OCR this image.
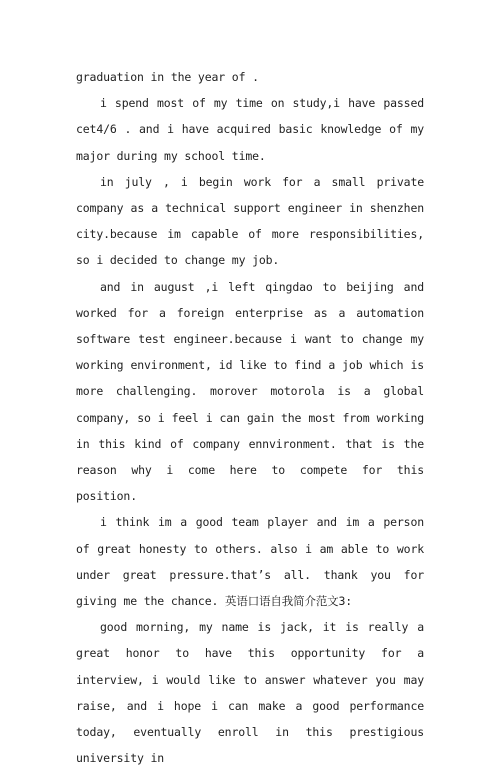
graduation in the year of .

i spend most of my time on study,i have passed cet4/6 . and i have acquired basic knowledge of my major during my school time.

in july , i begin work for a small private company as a technical support engineer in shenzhen city.because im capable of more responsibilities, so i decided to change my job.

and in august ,i left qingdao to beijing and worked for a foreign enterprise as a automation software test engineer.because i want to change my working environment, id like to find a job which is more challenging. morover motorola is a global company, so i feel i can gain the most from working in this kind of company ennvironment. that is the reason why i come here to compete for this position.

i think im a good team player and im a person of great honesty to others. also i am able to work under great pressure.that’s all. thank you for giving me the chance. 英语口语自我简介范文3:

good morning, my name is jack, it is really a great honor to have this opportunity for a interview, i would like to answer whatever you may raise, and i hope i can make a good performance today, eventually enroll in this prestigious university in
